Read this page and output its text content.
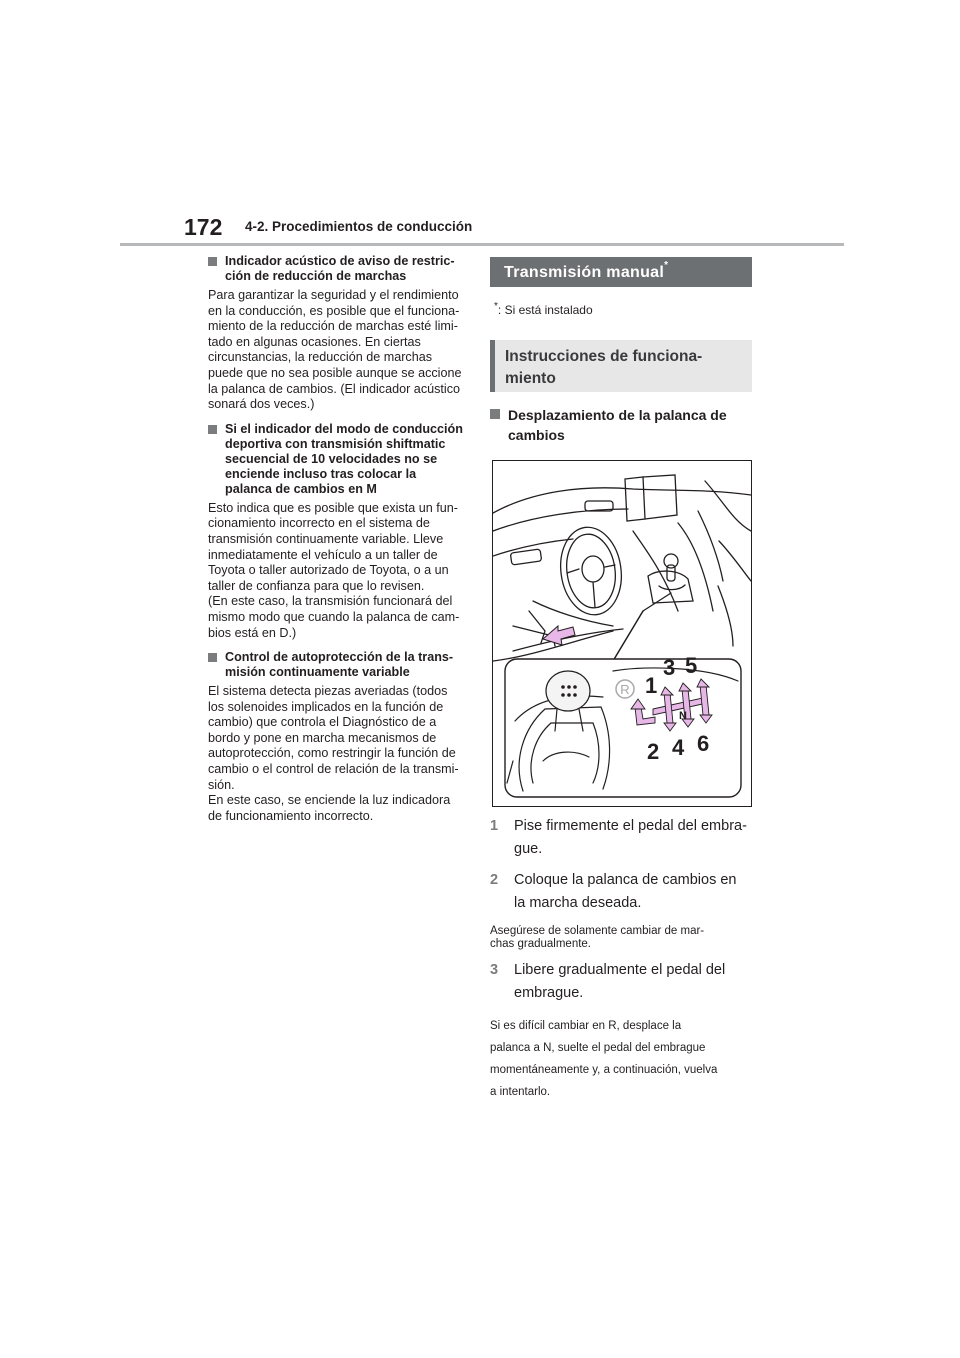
172 4-2. Procedimientos de conducción
Indicador acústico de aviso de restric-
ción de reducción de marchas

Para garantizar la seguridad y el rendimiento
en la conducción, es posible que el funciona-
miento de la reducción de marchas esté limi-
tado en algunas ocasiones. En ciertas
circunstancias, la reducción de marchas
puede que no sea posible aunque se accione
la palanca de cambios. (El indicador acústico
sonará dos veces.)

Si el indicador del modo de conducción
deportiva con transmisión shiftmatic
secuencial de 10 velocidades no se
enciende incluso tras colocar la
palanca de cambios en M

Esto indica que es posible que exista un fun-
cionamiento incorrecto en el sistema de
transmisión continuamente variable. Lleve
inmediatamente el vehículo a un taller de
Toyota o taller autorizado de Toyota, o a un
taller de confianza para que lo revisen.
(En este caso, la transmisión funcionará del
mismo modo que cuando la palanca de cam-
bios está en D.)

Control de autoprotección de la trans-
misión continuamente variable

El sistema detecta piezas averiadas (todos
los solenoides implicados en la función de
cambio) que controla el Diagnóstico de a
bordo y pone en marcha mecanismos de
autoprotección, como restringir la función de
cambio o el control de relación de la transmi-
sión.
En este caso, se enciende la luz indicadora
de funcionamiento incorrecto.

Transmisión manual*
*: Si está instalado
Instrucciones de funciona-
miento
Desplazamiento de la palanca de
cambios
R 1
3 5
2 4 6
N
1	Pise firmemente el pedal del embra-
gue.
2	Coloque la palanca de cambios en
la marcha deseada.
Asegúrese de solamente cambiar de mar-
chas gradualmente.
3	Libere gradualmente el pedal del
embrague.
Si es difícil cambiar en R, desplace la
palanca a N, suelte el pedal del embrague
momentáneamente y, a continuación, vuelva
a intentarlo.
